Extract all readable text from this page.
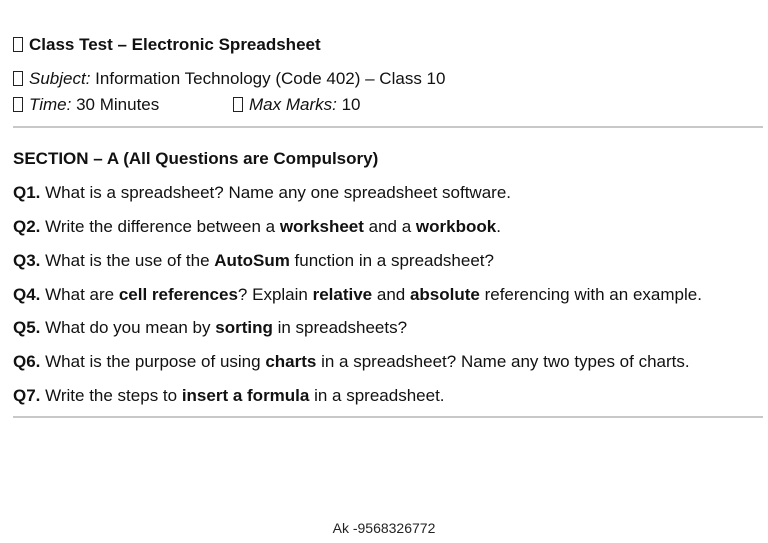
Class Test – Electronic Spreadsheet
Subject: Information Technology (Code 402) – Class 10
Time: 30 Minutes	Max Marks: 10
SECTION – A (All Questions are Compulsory)
Q1. What is a spreadsheet? Name any one spreadsheet software.
Q2. Write the difference between a worksheet and a workbook.
Q3. What is the use of the AutoSum function in a spreadsheet?
Q4. What are cell references? Explain relative and absolute referencing with an example.
Q5. What do you mean by sorting in spreadsheets?
Q6. What is the purpose of using charts in a spreadsheet? Name any two types of charts.
Q7. Write the steps to insert a formula in a spreadsheet.
Ak -9568326772
